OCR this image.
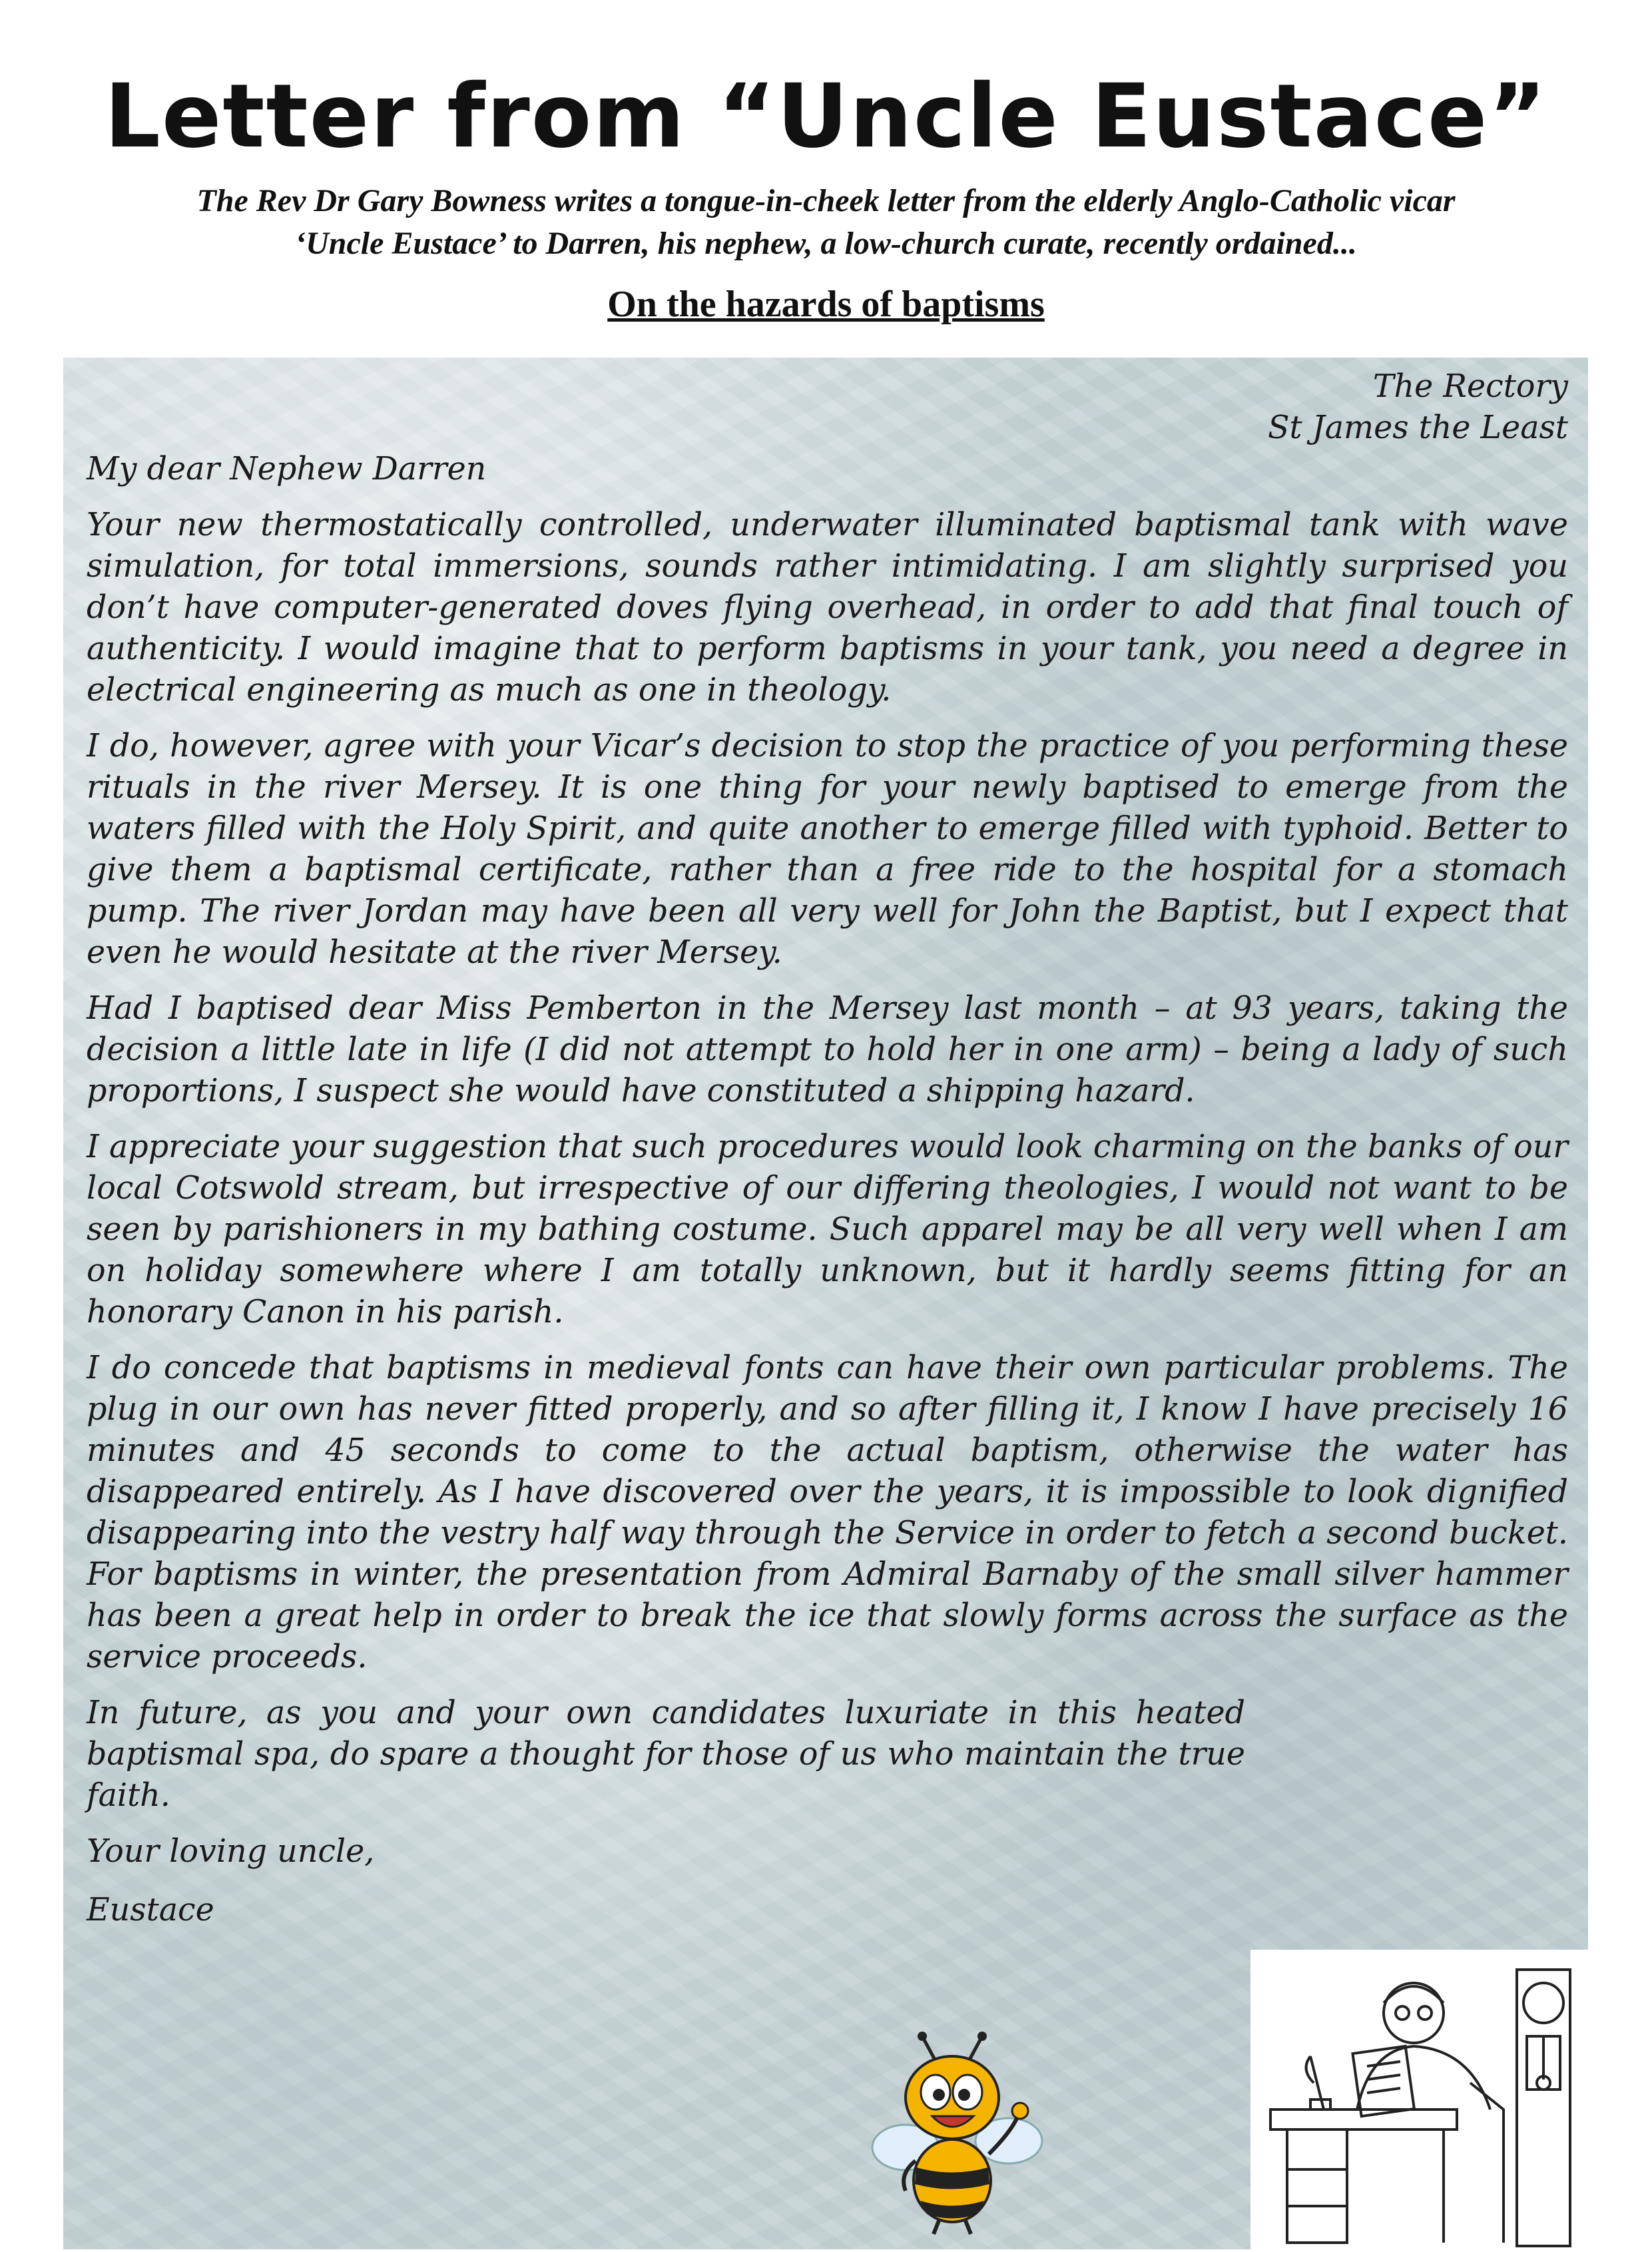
Letter from “Uncle Eustace”
The Rev Dr Gary Bowness writes a tongue-in-cheek letter from the elderly Anglo-Catholic vicar
‘Uncle Eustace’ to Darren, his nephew, a low-church curate, recently ordained...
On the hazards of baptisms
The Rectory
St James the Least
My dear Nephew Darren

Your new thermostatically controlled, underwater illuminated baptismal tank with wave simulation, for total immersions, sounds rather intimidating. I am slightly surprised you don’t have computer-generated doves flying overhead, in order to add that final touch of authenticity. I would imagine that to perform baptisms in your tank, you need a degree in electrical engineering as much as one in theology.

I do, however, agree with your Vicar’s decision to stop the practice of you performing these rituals in the river Mersey. It is one thing for your newly baptised to emerge from the waters filled with the Holy Spirit, and quite another to emerge filled with typhoid. Better to give them a baptismal certificate, rather than a free ride to the hospital for a stomach pump. The river Jordan may have been all very well for John the Baptist, but I expect that even he would hesitate at the river Mersey.

Had I baptised dear Miss Pemberton in the Mersey last month – at 93 years, taking the decision a little late in life (I did not attempt to hold her in one arm) – being a lady of such proportions, I suspect she would have constituted a shipping hazard.

I appreciate your suggestion that such procedures would look charming on the banks of our local Cotswold stream, but irrespective of our differing theologies, I would not want to be seen by parishioners in my bathing costume. Such apparel may be all very well when I am on holiday somewhere where I am totally unknown, but it hardly seems fitting for an honorary Canon in his parish.

I do concede that baptisms in medieval fonts can have their own particular problems. The plug in our own has never fitted properly, and so after filling it, I know I have precisely 16 minutes and 45 seconds to come to the actual baptism, otherwise the water has disappeared entirely. As I have discovered over the years, it is impossible to look dignified disappearing into the vestry half way through the Service in order to fetch a second bucket. For baptisms in winter, the presentation from Admiral Barnaby of the small silver hammer has been a great help in order to break the ice that slowly forms across the surface as the service proceeds.

In future, as you and your own candidates luxuriate in this heated baptismal spa, do spare a thought for those of us who maintain the true faith.

Your loving uncle,
Eustace
